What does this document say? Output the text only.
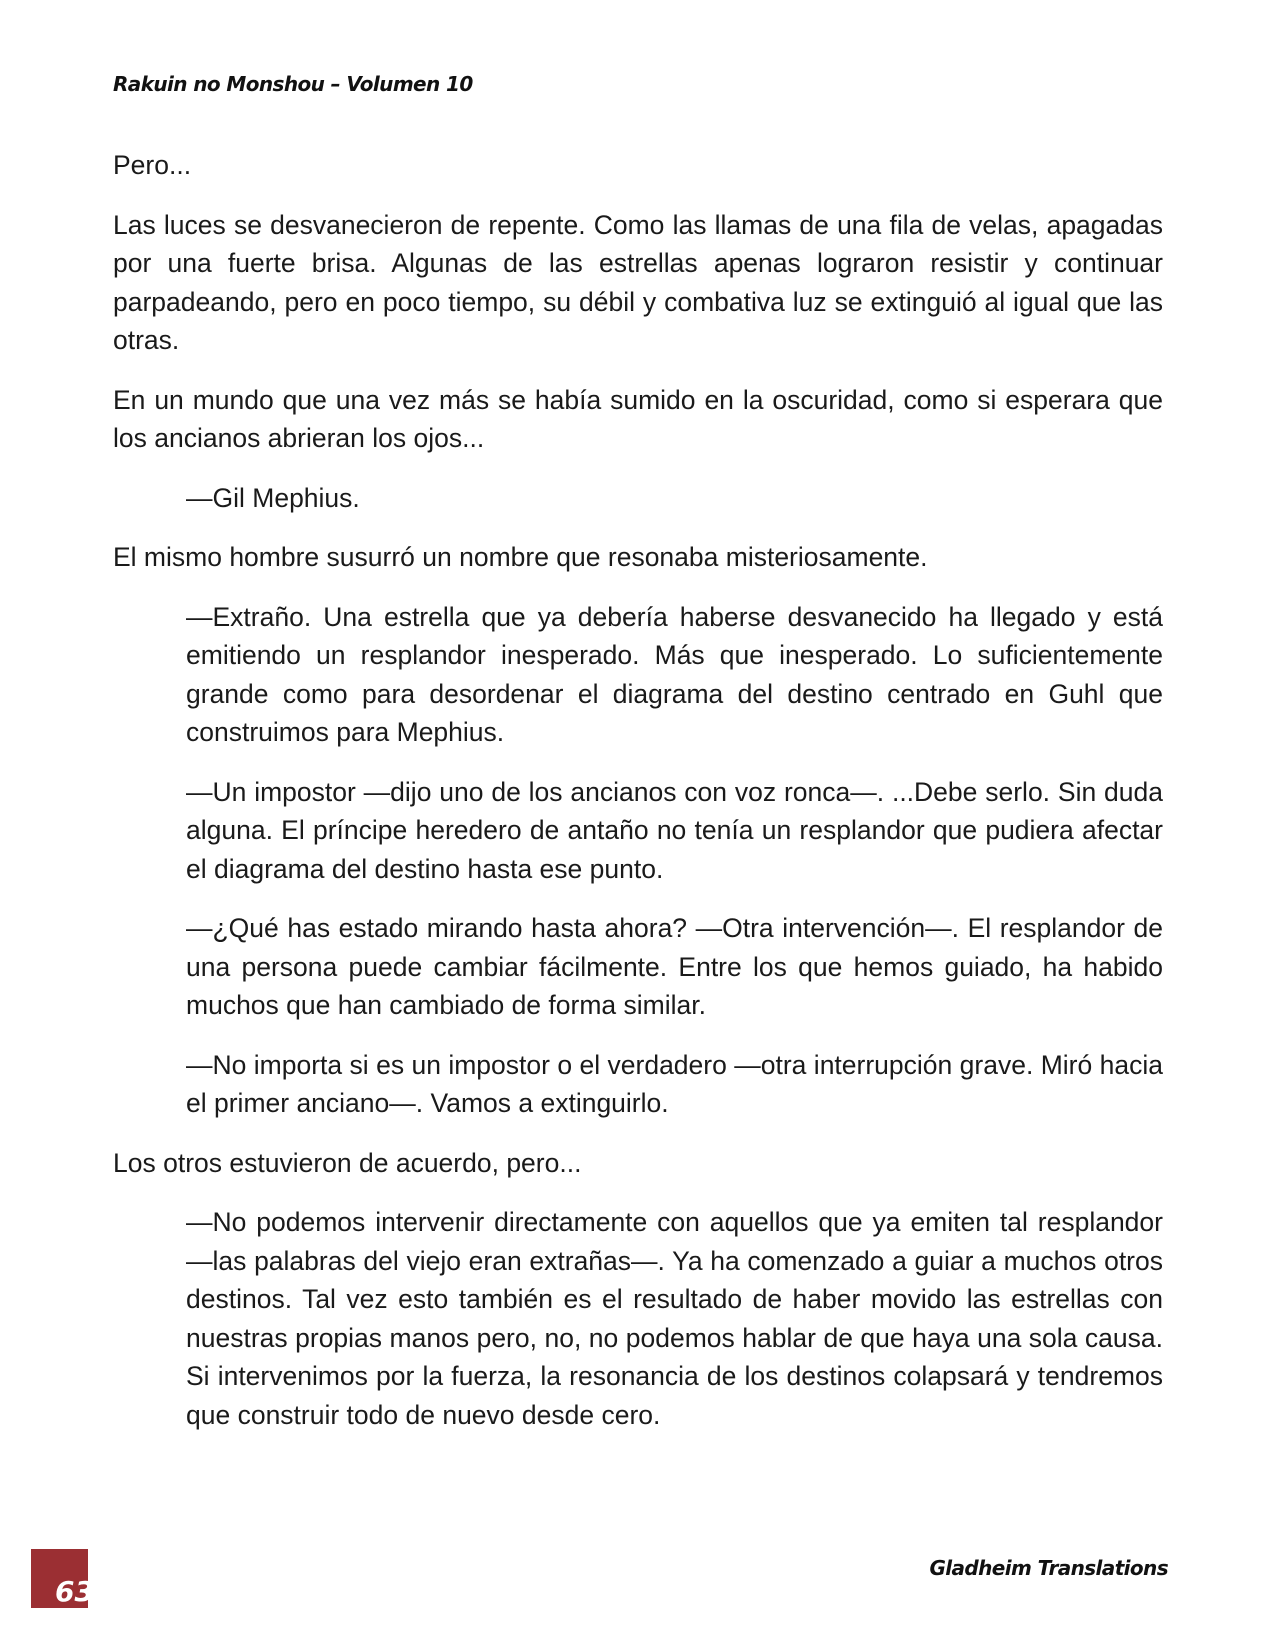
Rakuin no Monshou – Volumen 10

Pero...

Las luces se desvanecieron de repente. Como las llamas de una fila de velas, apagadas por una fuerte brisa. Algunas de las estrellas apenas lograron resistir y continuar parpadeando, pero en poco tiempo, su débil y combativa luz se extinguió al igual que las otras.

En un mundo que una vez más se había sumido en la oscuridad, como si esperara que los ancianos abrieran los ojos...

—Gil Mephius.

El mismo hombre susurró un nombre que resonaba misteriosamente.

—Extraño. Una estrella que ya debería haberse desvanecido ha llegado y está emitiendo un resplandor inesperado. Más que inesperado. Lo suficientemente grande como para desordenar el diagrama del destino centrado en Guhl que construimos para Mephius.

—Un impostor —dijo uno de los ancianos con voz ronca—. ...Debe serlo. Sin duda alguna. El príncipe heredero de antaño no tenía un resplandor que pudiera afectar el diagrama del destino hasta ese punto.

—¿Qué has estado mirando hasta ahora? —Otra intervención—. El resplandor de una persona puede cambiar fácilmente. Entre los que hemos guiado, ha habido muchos que han cambiado de forma similar.

—No importa si es un impostor o el verdadero —otra interrupción grave. Miró hacia el primer anciano—. Vamos a extinguirlo.

Los otros estuvieron de acuerdo, pero...

—No podemos intervenir directamente con aquellos que ya emiten tal resplandor —las palabras del viejo eran extrañas—. Ya ha comenzado a guiar a muchos otros destinos. Tal vez esto también es el resultado de haber movido las estrellas con nuestras propias manos pero, no, no podemos hablar de que haya una sola causa. Si intervenimos por la fuerza, la resonancia de los destinos colapsará y tendremos que construir todo de nuevo desde cero.

63
Gladheim Translations
